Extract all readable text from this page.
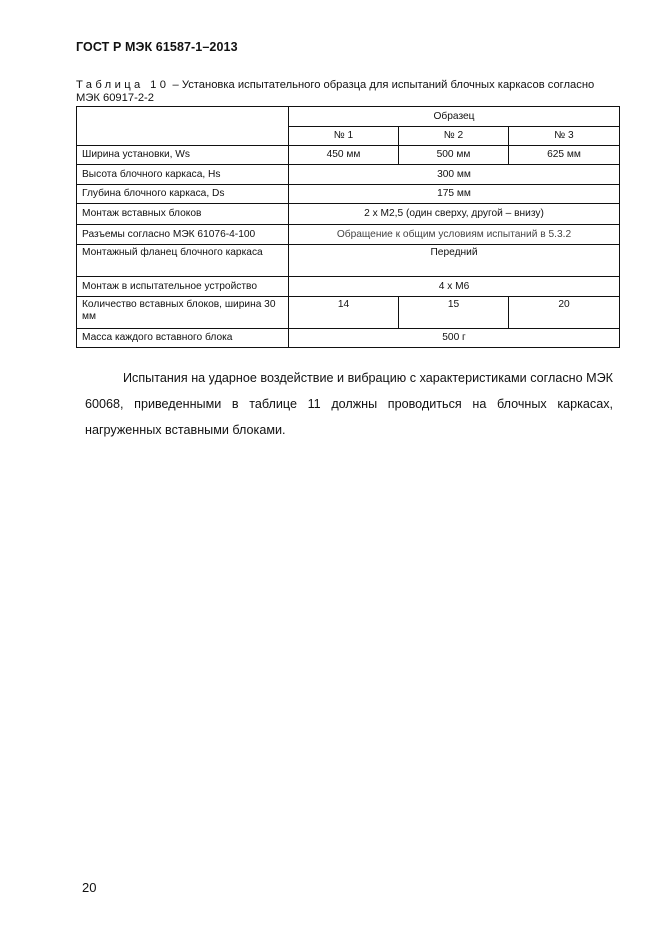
ГОСТ Р МЭК 61587-1–2013
Таблица 10 – Установка испытательного образца для испытаний блочных каркасов согласно МЭК 60917-2-2
	Образец		
	№ 1	№ 2	№ 3
Ширина установки, Ws	450 мм	500 мм	625 мм
Высота блочного каркаса, Hs	300 мм		
Глубина блочного каркаса, Ds	175 мм		
Монтаж вставных блоков	2 x M2,5 (один сверху, другой – внизу)		
Разъемы согласно МЭК 61076-4-100	Обращение к общим условиям испытаний в 5.3.2		
Монтажный фланец блочного каркаса	Передний		
Монтаж в испытательное устройство	4 x M6		
Количество вставных блоков, ширина 30 мм	14	15	20
Масса каждого вставного блока	500 г		

Испытания на ударное воздействие и вибрацию с характеристиками согласно МЭК 60068, приведенными в таблице 11 должны проводиться на блочных каркасах, нагруженных вставными блоками.

20
